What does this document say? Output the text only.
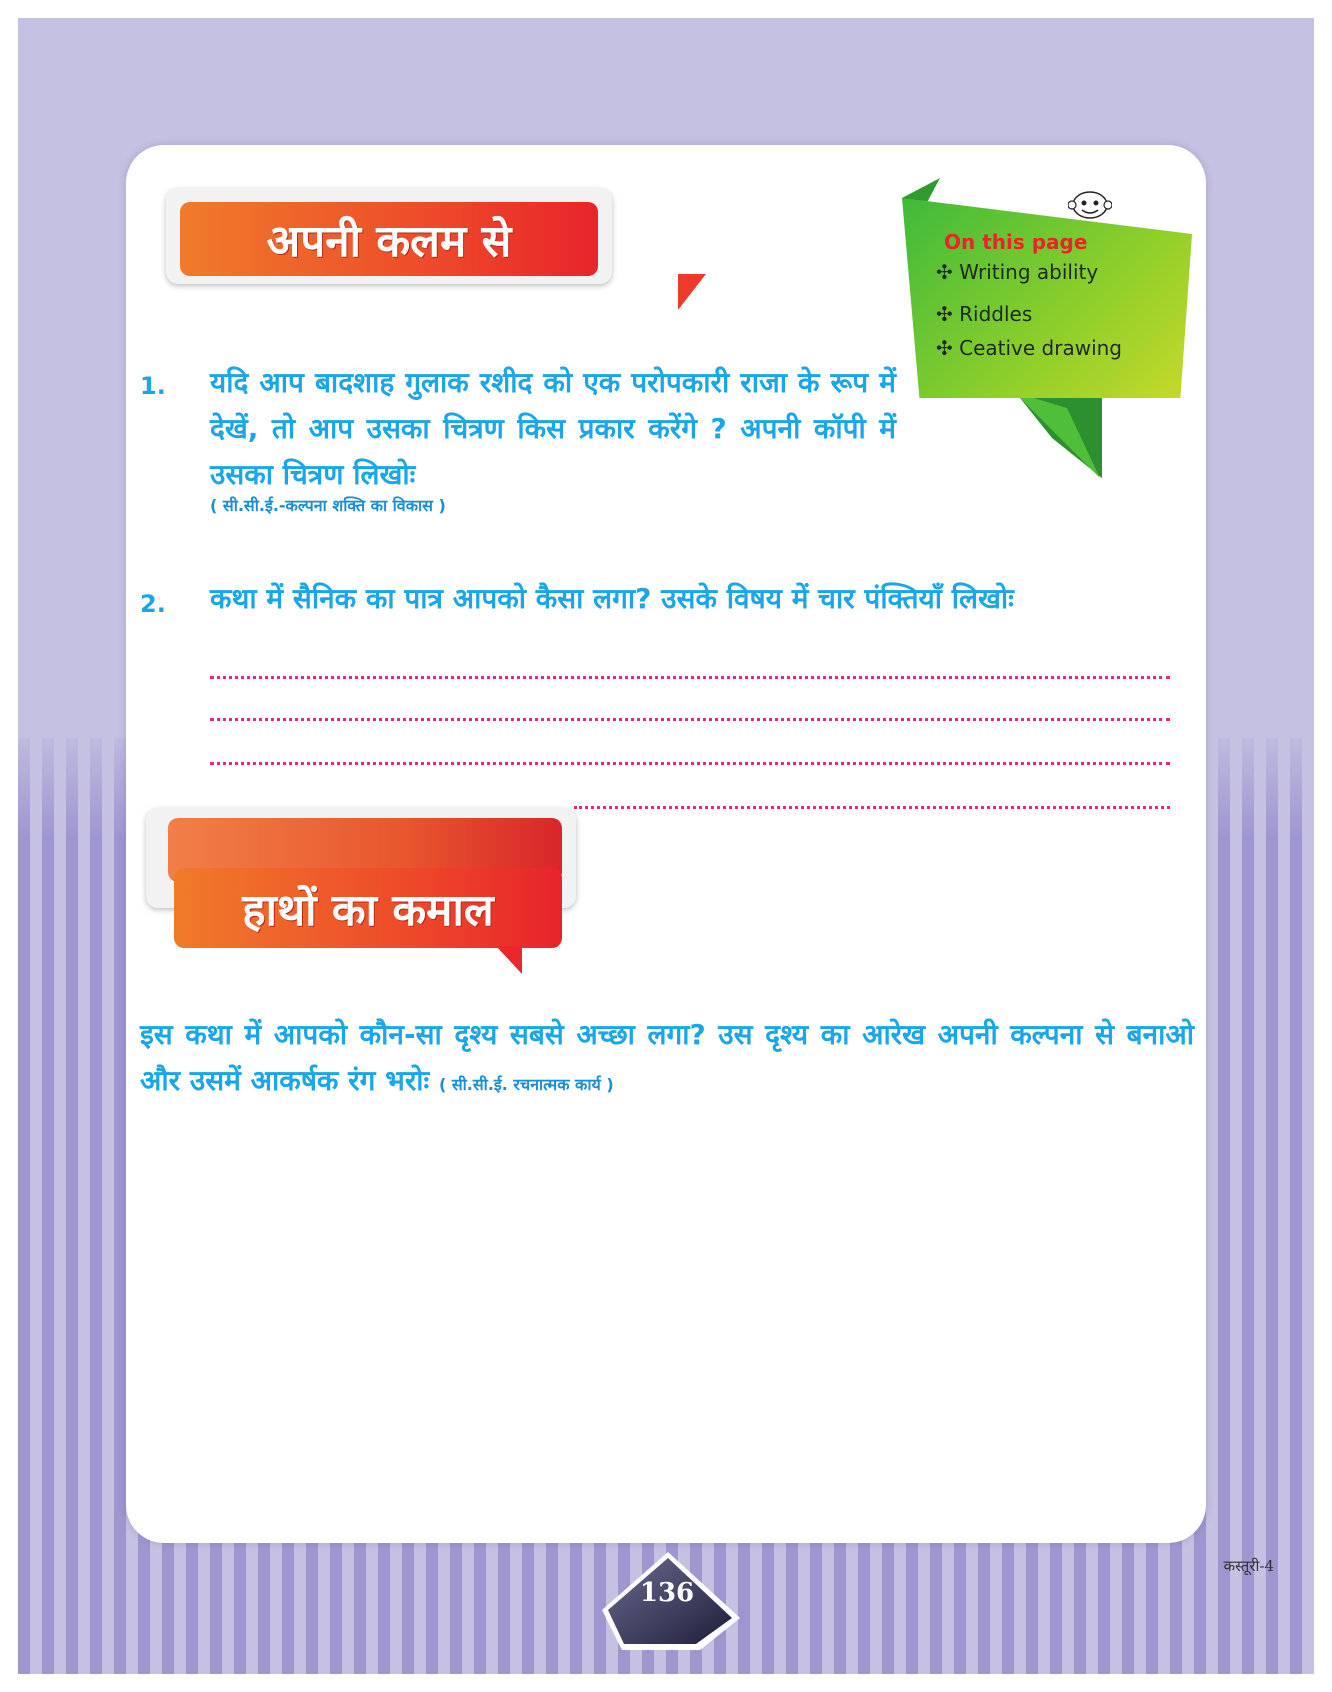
अपनी कलम से	On this page
✣ Writing ability
✣ Riddles
✣ Ceative drawing
1. यदि आप बादशाह गुलाक रशीद को एक परोपकारी राजा के रूप में देखें, तो आप उसका चित्रण किस प्रकार करेंगे ? अपनी कॉपी में उसका चित्रण लिखोः
( सी.सी.ई.-कल्पना शक्ति का विकास )
2. कथा में सैनिक का पात्र आपको कैसा लगा? उसके विषय में चार पंक्तियाँ लिखोः
हाथों का कमाल
इस कथा में आपको कौन-सा दृश्य सबसे अच्छा लगा? उस दृश्य का आरेख अपनी कल्पना से बनाओ और उसमें आकर्षक रंग भरोः ( सी.सी.ई. रचनात्मक कार्य )
136
कस्तूरी-4
